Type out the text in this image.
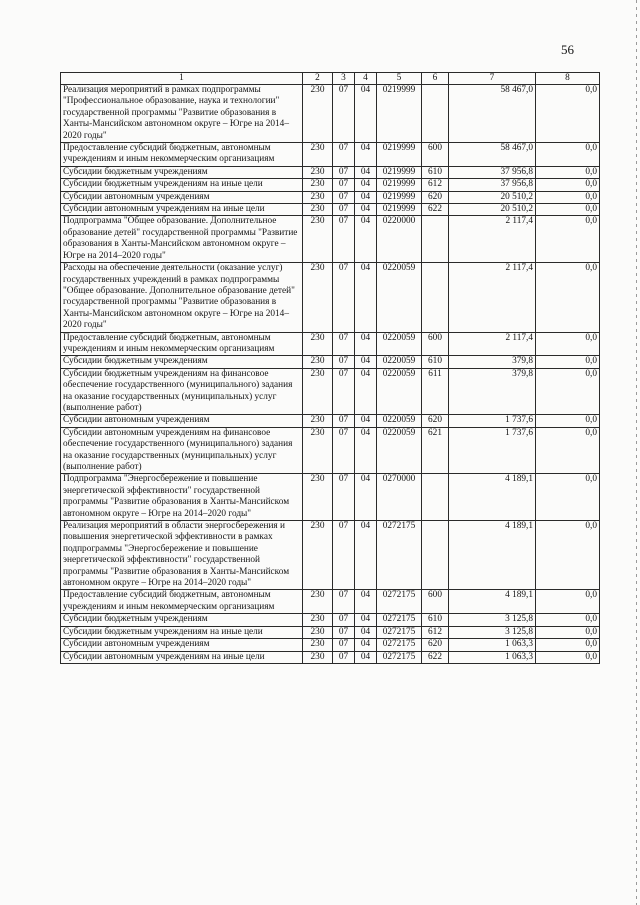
56
1	2	3	4	5	6	7	8
Реализация мероприятий в рамках подпрограммы "Профессиональное образование, наука и технологии" государственной программы "Развитие образования в Ханты-Мансийском автономном округе – Югре на 2014–2020 годы"	230	07	04	0219999		58 467,0	0,0
Предоставление субсидий бюджетным, автономным учреждениям и иным некоммерческим организациям	230	07	04	0219999	600	58 467,0	0,0
Субсидии бюджетным учреждениям	230	07	04	0219999	610	37 956,8	0,0
Субсидии бюджетным учреждениям на иные цели	230	07	04	0219999	612	37 956,8	0,0
Субсидии автономным учреждениям	230	07	04	0219999	620	20 510,2	0,0
Субсидии автономным учреждениям на иные цели	230	07	04	0219999	622	20 510,2	0,0
Подпрограмма "Общее образование. Дополнительное образование детей" государственной программы "Развитие образования в Ханты-Мансийском автономном округе – Югре на 2014–2020 годы"	230	07	04	0220000		2 117,4	0,0
Расходы на обеспечение деятельности (оказание услуг) государственных учреждений в рамках подпрограммы "Общее образование. Дополнительное образование детей" государственной программы "Развитие образования в Ханты-Мансийском автономном округе – Югре на 2014–2020 годы"	230	07	04	0220059		2 117,4	0,0
Предоставление субсидий бюджетным, автономным учреждениям и иным некоммерческим организациям	230	07	04	0220059	600	2 117,4	0,0
Субсидии бюджетным учреждениям	230	07	04	0220059	610	379,8	0,0
Субсидии бюджетным учреждениям на финансовое обеспечение государственного (муниципального) задания на оказание государственных (муниципальных) услуг (выполнение работ)	230	07	04	0220059	611	379,8	0,0
Субсидии автономным учреждениям	230	07	04	0220059	620	1 737,6	0,0
Субсидии автономным учреждениям на финансовое обеспечение государственного (муниципального) задания на оказание государственных (муниципальных) услуг (выполнение работ)	230	07	04	0220059	621	1 737,6	0,0
Подпрограмма "Энергосбережение и повышение энергетической эффективности" государственной программы "Развитие образования в Ханты-Мансийском автономном округе – Югре на 2014–2020 годы"	230	07	04	0270000		4 189,1	0,0
Реализация мероприятий в области энергосбережения и повышения энергетической эффективности в рамках подпрограммы "Энергосбережение и повышение энергетической эффективности" государственной программы "Развитие образования в Ханты-Мансийском автономном округе – Югре на 2014–2020 годы"	230	07	04	0272175		4 189,1	0,0
Предоставление субсидий бюджетным, автономным учреждениям и иным некоммерческим организациям	230	07	04	0272175	600	4 189,1	0,0
Субсидии бюджетным учреждениям	230	07	04	0272175	610	3 125,8	0,0
Субсидии бюджетным учреждениям на иные цели	230	07	04	0272175	612	3 125,8	0,0
Субсидии автономным учреждениям	230	07	04	0272175	620	1 063,3	0,0
Субсидии автономным учреждениям на иные цели	230	07	04	0272175	622	1 063,3	0,0
